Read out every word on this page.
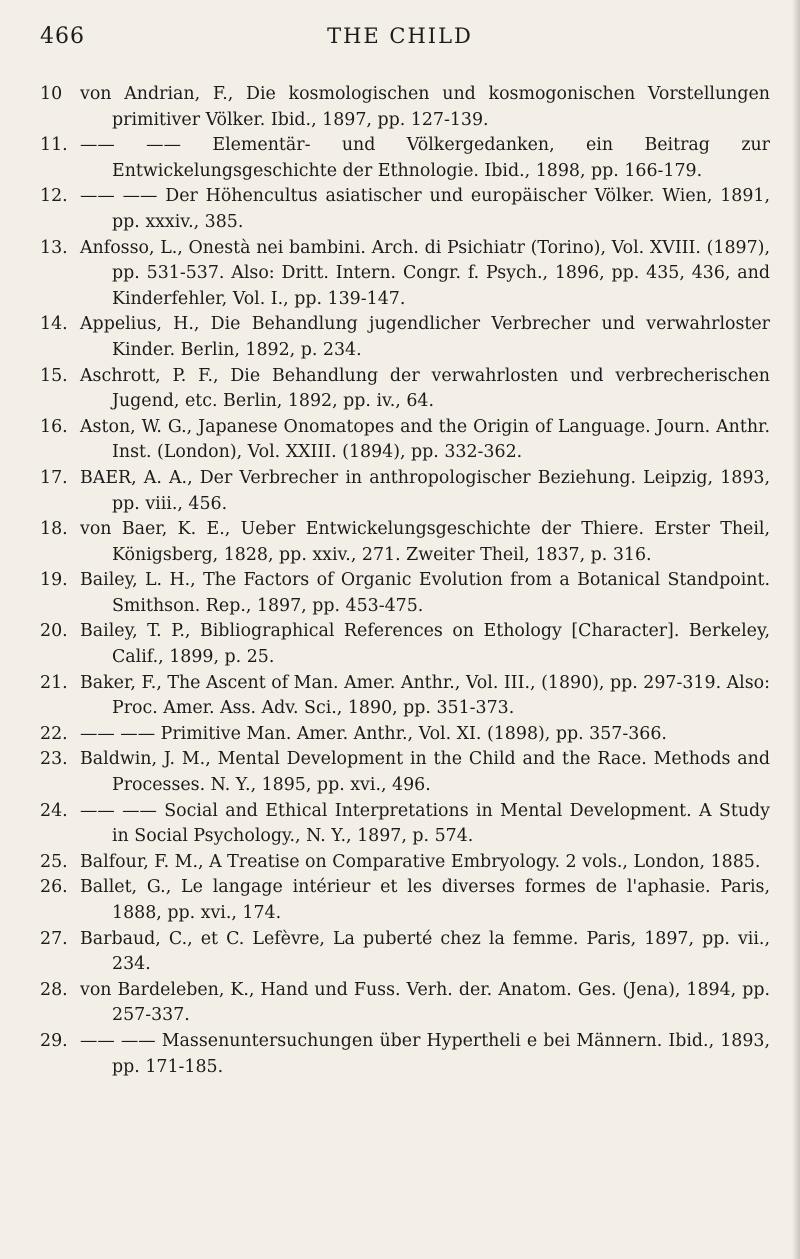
466	THE CHILD
10	von Andrian, F., Die kosmologischen und kosmogonischen Vorstellungen primitiver Völker. Ibid., 1897, pp. 127-139.
11. —— —— Elementär- und Völkergedanken, ein Beitrag zur Entwickelungsgeschichte der Ethnologie. Ibid., 1898, pp. 166-179.
12. —— —— Der Höhencultus asiatischer und europäischer Völker. Wien, 1891, pp. xxxiv., 385.
13. Anfosso, L., Onestà nei bambini. Arch. di Psichiatr (Torino), Vol. XVIII. (1897), pp. 531-537. Also: Dritt. Intern. Congr. f. Psych., 1896, pp. 435, 436, and Kinderfehler, Vol. I., pp. 139-147.
14. Appelius, H., Die Behandlung jugendlicher Verbrecher und verwahrloster Kinder. Berlin, 1892, p. 234.
15. Aschrott, P. F., Die Behandlung der verwahrlosten und verbrecherischen Jugend, etc. Berlin, 1892, pp. iv., 64.
16. Aston, W. G., Japanese Onomatopes and the Origin of Language. Journ. Anthr. Inst. (London), Vol. XXIII. (1894), pp. 332-362.
17. BAER, A. A., Der Verbrecher in anthropologischer Beziehung. Leipzig, 1893, pp. viii., 456.
18. von Baer, K. E., Ueber Entwickelungsgeschichte der Thiere. Erster Theil, Königsberg, 1828, pp. xxiv., 271. Zweiter Theil, 1837, p. 316.
19. Bailey, L. H., The Factors of Organic Evolution from a Botanical Standpoint. Smithson. Rep., 1897, pp. 453-475.
20. Bailey, T. P., Bibliographical References on Ethology [Character]. Berkeley, Calif., 1899, p. 25.
21. Baker, F., The Ascent of Man. Amer. Anthr., Vol. III., (1890), pp. 297-319. Also: Proc. Amer. Ass. Adv. Sci., 1890, pp. 351-373.
22. —— —— Primitive Man. Amer. Anthr., Vol. XI. (1898), pp. 357-366.
23. Baldwin, J. M., Mental Development in the Child and the Race. Methods and Processes. N. Y., 1895, pp. xvi., 496.
24. —— —— Social and Ethical Interpretations in Mental Development. A Study in Social Psychology., N. Y., 1897, p. 574.
25. Balfour, F. M., A Treatise on Comparative Embryology. 2 vols., London, 1885.
26. Ballet, G., Le langage intérieur et les diverses formes de l'aphasie. Paris, 1888, pp. xvi., 174.
27. Barbaud, C., et C. Lefèvre, La puberté chez la femme. Paris, 1897, pp. vii., 234.
28. von Bardeleben, K., Hand und Fuss. Verh. der. Anatom. Ges. (Jena), 1894, pp. 257-337.
29. —— —— Massenuntersuchungen über Hypertheli e bei Männern. Ibid., 1893, pp. 171-185.
